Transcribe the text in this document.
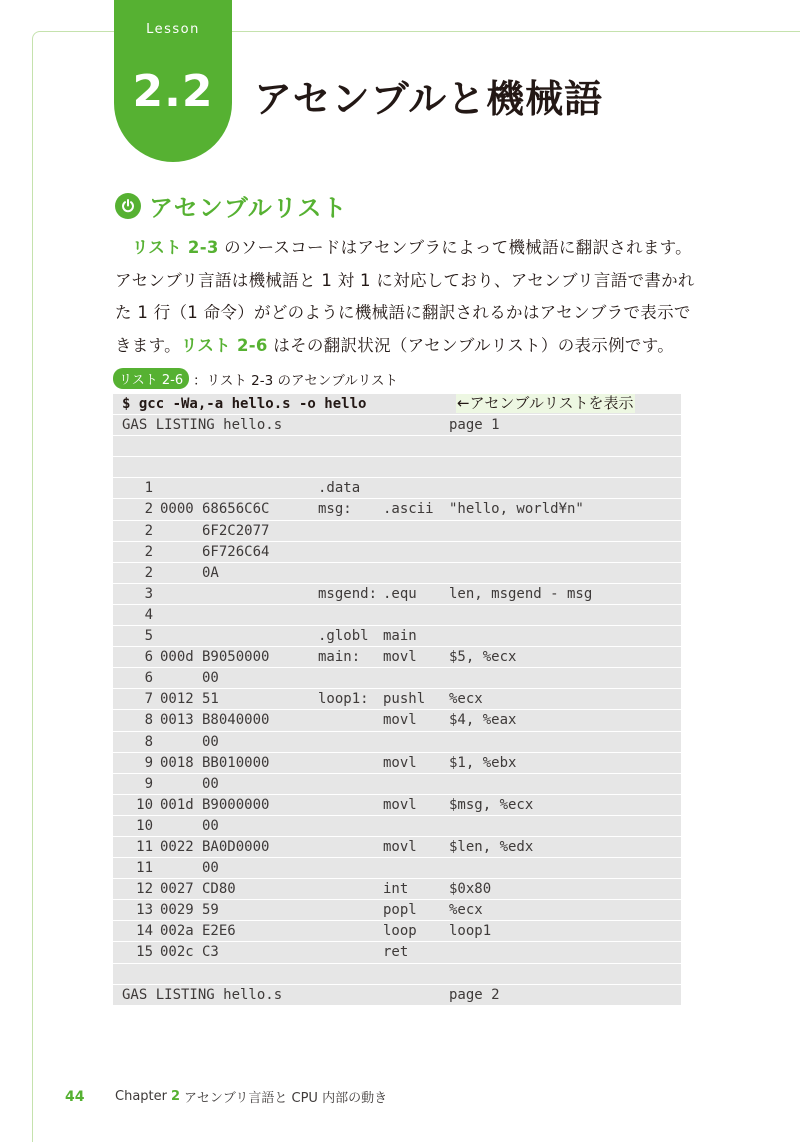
Lesson
2.2	アセンブルと機械語
アセンブルリスト
　リスト 2-3 のソースコードはアセンブラによって機械語に翻訳されます。アセンブリ言語は機械語と 1 対 1 に対応しており、アセンブリ言語で書かれた 1 行（1 命令）がどのように機械語に翻訳されるかはアセンブラで表示できます。リスト 2-6 はその翻訳状況（アセンブルリスト）の表示例です。
リスト 2-6 ：リスト 2-3 のアセンブルリスト

$ gcc -Wa,-a hello.s -o hello

	←アセンブルリストを表示

GAS LISTING hello.s

	page 1

1	.data
2 0000 68656C6C	msg: .ascii "hello, world¥n"
2	6F2C2077
2	6F726C64
2	0A
3	msgend: .equ len, msgend - msg
4
5	.globl main
6 000d B9050000	main: movl $5, %ecx
6	00
7 0012 51	loop1: pushl %ecx
8 0013 B8040000	movl $4, %eax
8	00
9 0018 BB010000	movl $1, %ebx
9	00
10 001d B9000000	movl $msg, %ecx
10	00
11 0022 BA0D0000	movl $len, %edx
11	00
12 0027 CD80	int	$0x80
13 0029 59	popl %ecx
14 002a E2E6	loop loop1
15 002c C3	ret

GAS LISTING hello.s

	page 2

44	Chapter 2 アセンブリ言語と CPU 内部の動き
